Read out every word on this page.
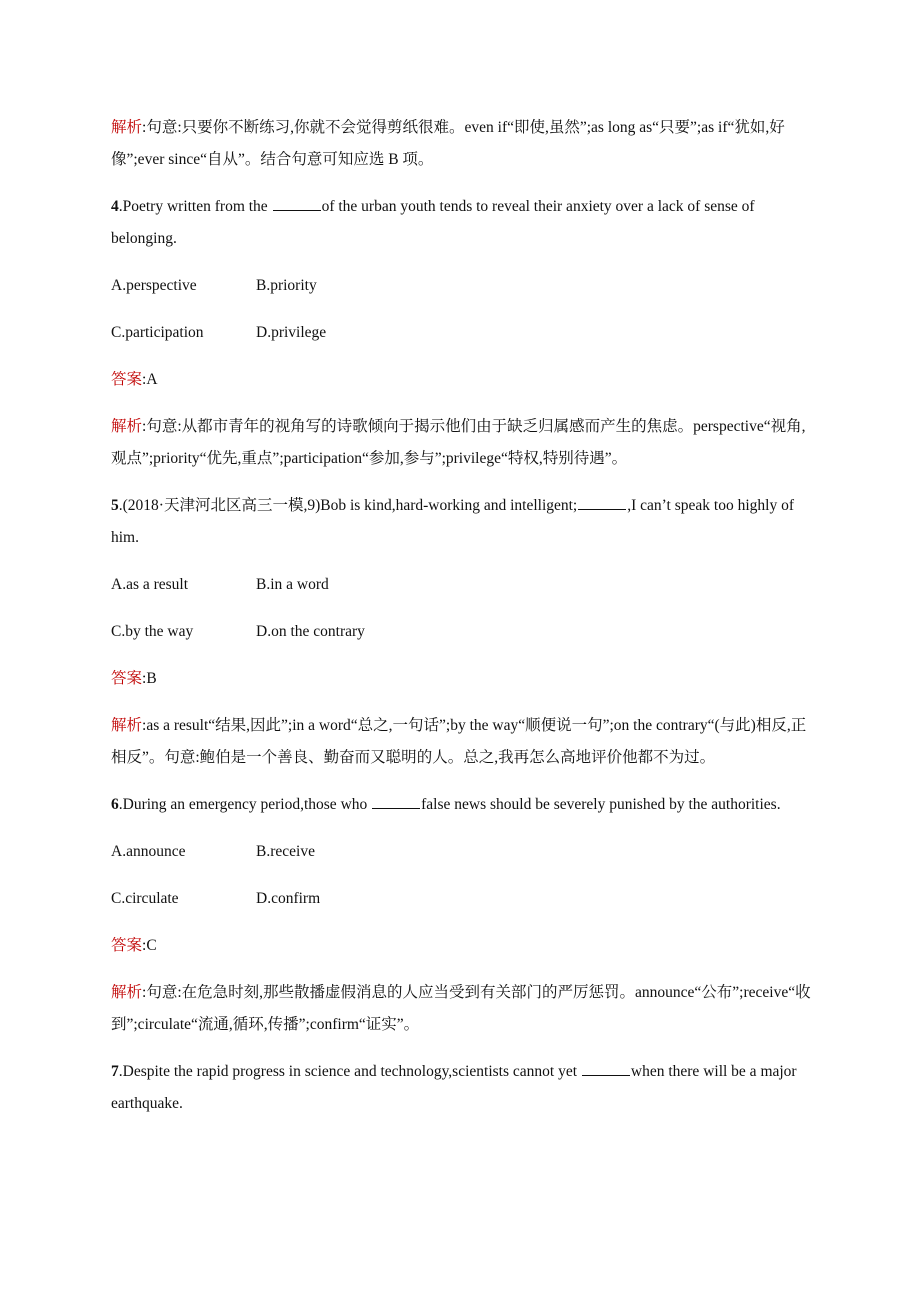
解析:句意:只要你不断练习,你就不会觉得剪纸很难。even if“即使,虽然”;as long as“只要”;as if“犹如,好像”;ever since“自从”。结合句意可知应选 B 项。

4.Poetry written from the	of the urban youth tends to reveal their anxiety over a lack of sense of belonging.

A.perspective	B.priority
C.participation	D.privilege

答案:A

解析:句意:从都市青年的视角写的诗歌倾向于揭示他们由于缺乏归属感而产生的焦虑。perspective“视角,观点”;priority“优先,重点”;participation“参加,参与”;privilege“特权,特别待遇”。

5.(2018·天津河北区高三一模,9)Bob is kind,hard-working and intelligent;	,I can’t speak too highly of him.

A.as a result	B.in a word
C.by the way	D.on the contrary

答案:B

解析:as a result“结果,因此”;in a word“总之,一句话”;by the way“顺便说一句”;on the contrary“(与此)相反,正相反”。句意:鲍伯是一个善良、勤奋而又聪明的人。总之,我再怎么高地评价他都不为过。

6.During an emergency period,those who	false news should be severely punished by the authorities.

A.announce	B.receive
C.circulate	D.confirm

答案:C

解析:句意:在危急时刻,那些散播虚假消息的人应当受到有关部门的严厉惩罚。announce“公布”;receive“收到”;circulate“流通,循环,传播”;confirm“证实”。

7.Despite the rapid progress in science and technology,scientists cannot yet	when there will be a major earthquake.
